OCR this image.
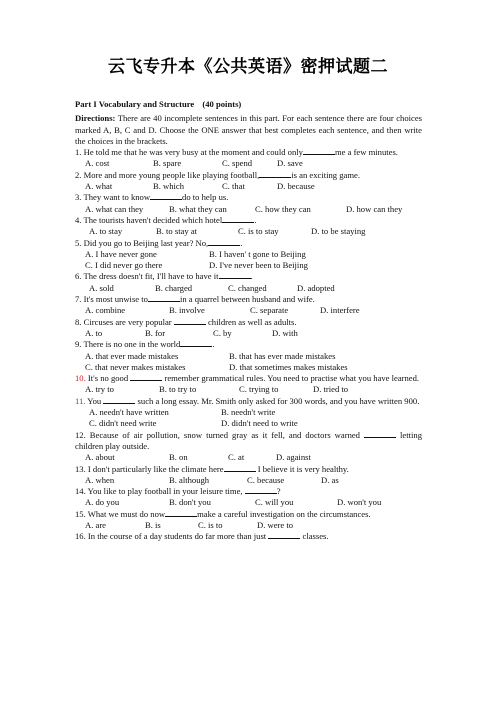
云飞专升本《公共英语》密押试题二
Part I Vocabulary and Structure (40 points)

Directions: There are 40 incomplete sentences in this part. For each sentence there are four choices marked A, B, C and D. Choose the ONE answer that best completes each sentence, and then write the choices in the brackets.

1. He told me that he was very busy at the moment and could only	me a few minutes.

A. cost	B. spare	C. spend	D. save

2. More and more young people like playing football,	is an exciting game.

A. what	B. which	C. that	D. because

3. They want to know	do to help us.

A. what can they	B. what they can	C. how they can	D. how can they

4. The tourists haven't decided which hotel	.

A. to stay	B. to stay at	C. is to stay	D. to be staying

5. Did you go to Beijing last year? No,	.

A. I have never gone	B. I haven' t gone to Beijing
C. I did never go there	D. I've never been to Beijing

6. The dress doesn't fit, I'll have to have it	.

A. sold	B. charged	C. changed	D. adopted

7. It's most unwise to	in a quarrel between husband and wife.

A. combine	B. involve	C. separate	D. interfere

8. Circuses are very popular	children as well as adults.

A. to	B. for	C. by	D. with

9. There is no one in the world	.

A. that ever made mistakes	B. that has ever made mistakes
C. that never makes mistakes	D. that sometimes makes mistakes

10. It's no good	remember grammatical rules. You need to practise what you have learned.

A. try to	B. to try to	C. trying to	D. tried to

11. You	such a long essay. Mr. Smith only asked for 300 words, and you have written 900.

A. needn't have written	B. needn't write
C. didn't need write	D. didn't need to write

12. Because of air pollution, snow turned gray as it fell, and doctors warned	letting children play outside.

A. about	B. on	C. at	D. against

13. I don't particularly like the climate here	I believe it is very healthy.

A. when	B. although	C. because	D. as

14. You like to play football in your leisure time,	?

A. do you	B. don't you	C. will you	D. won't you

15. What we must do now	make a careful investigation on the circumstances.

A. are	B. is	C. is to	D. were to

16. In the course of a day students do far more than just	classes.
